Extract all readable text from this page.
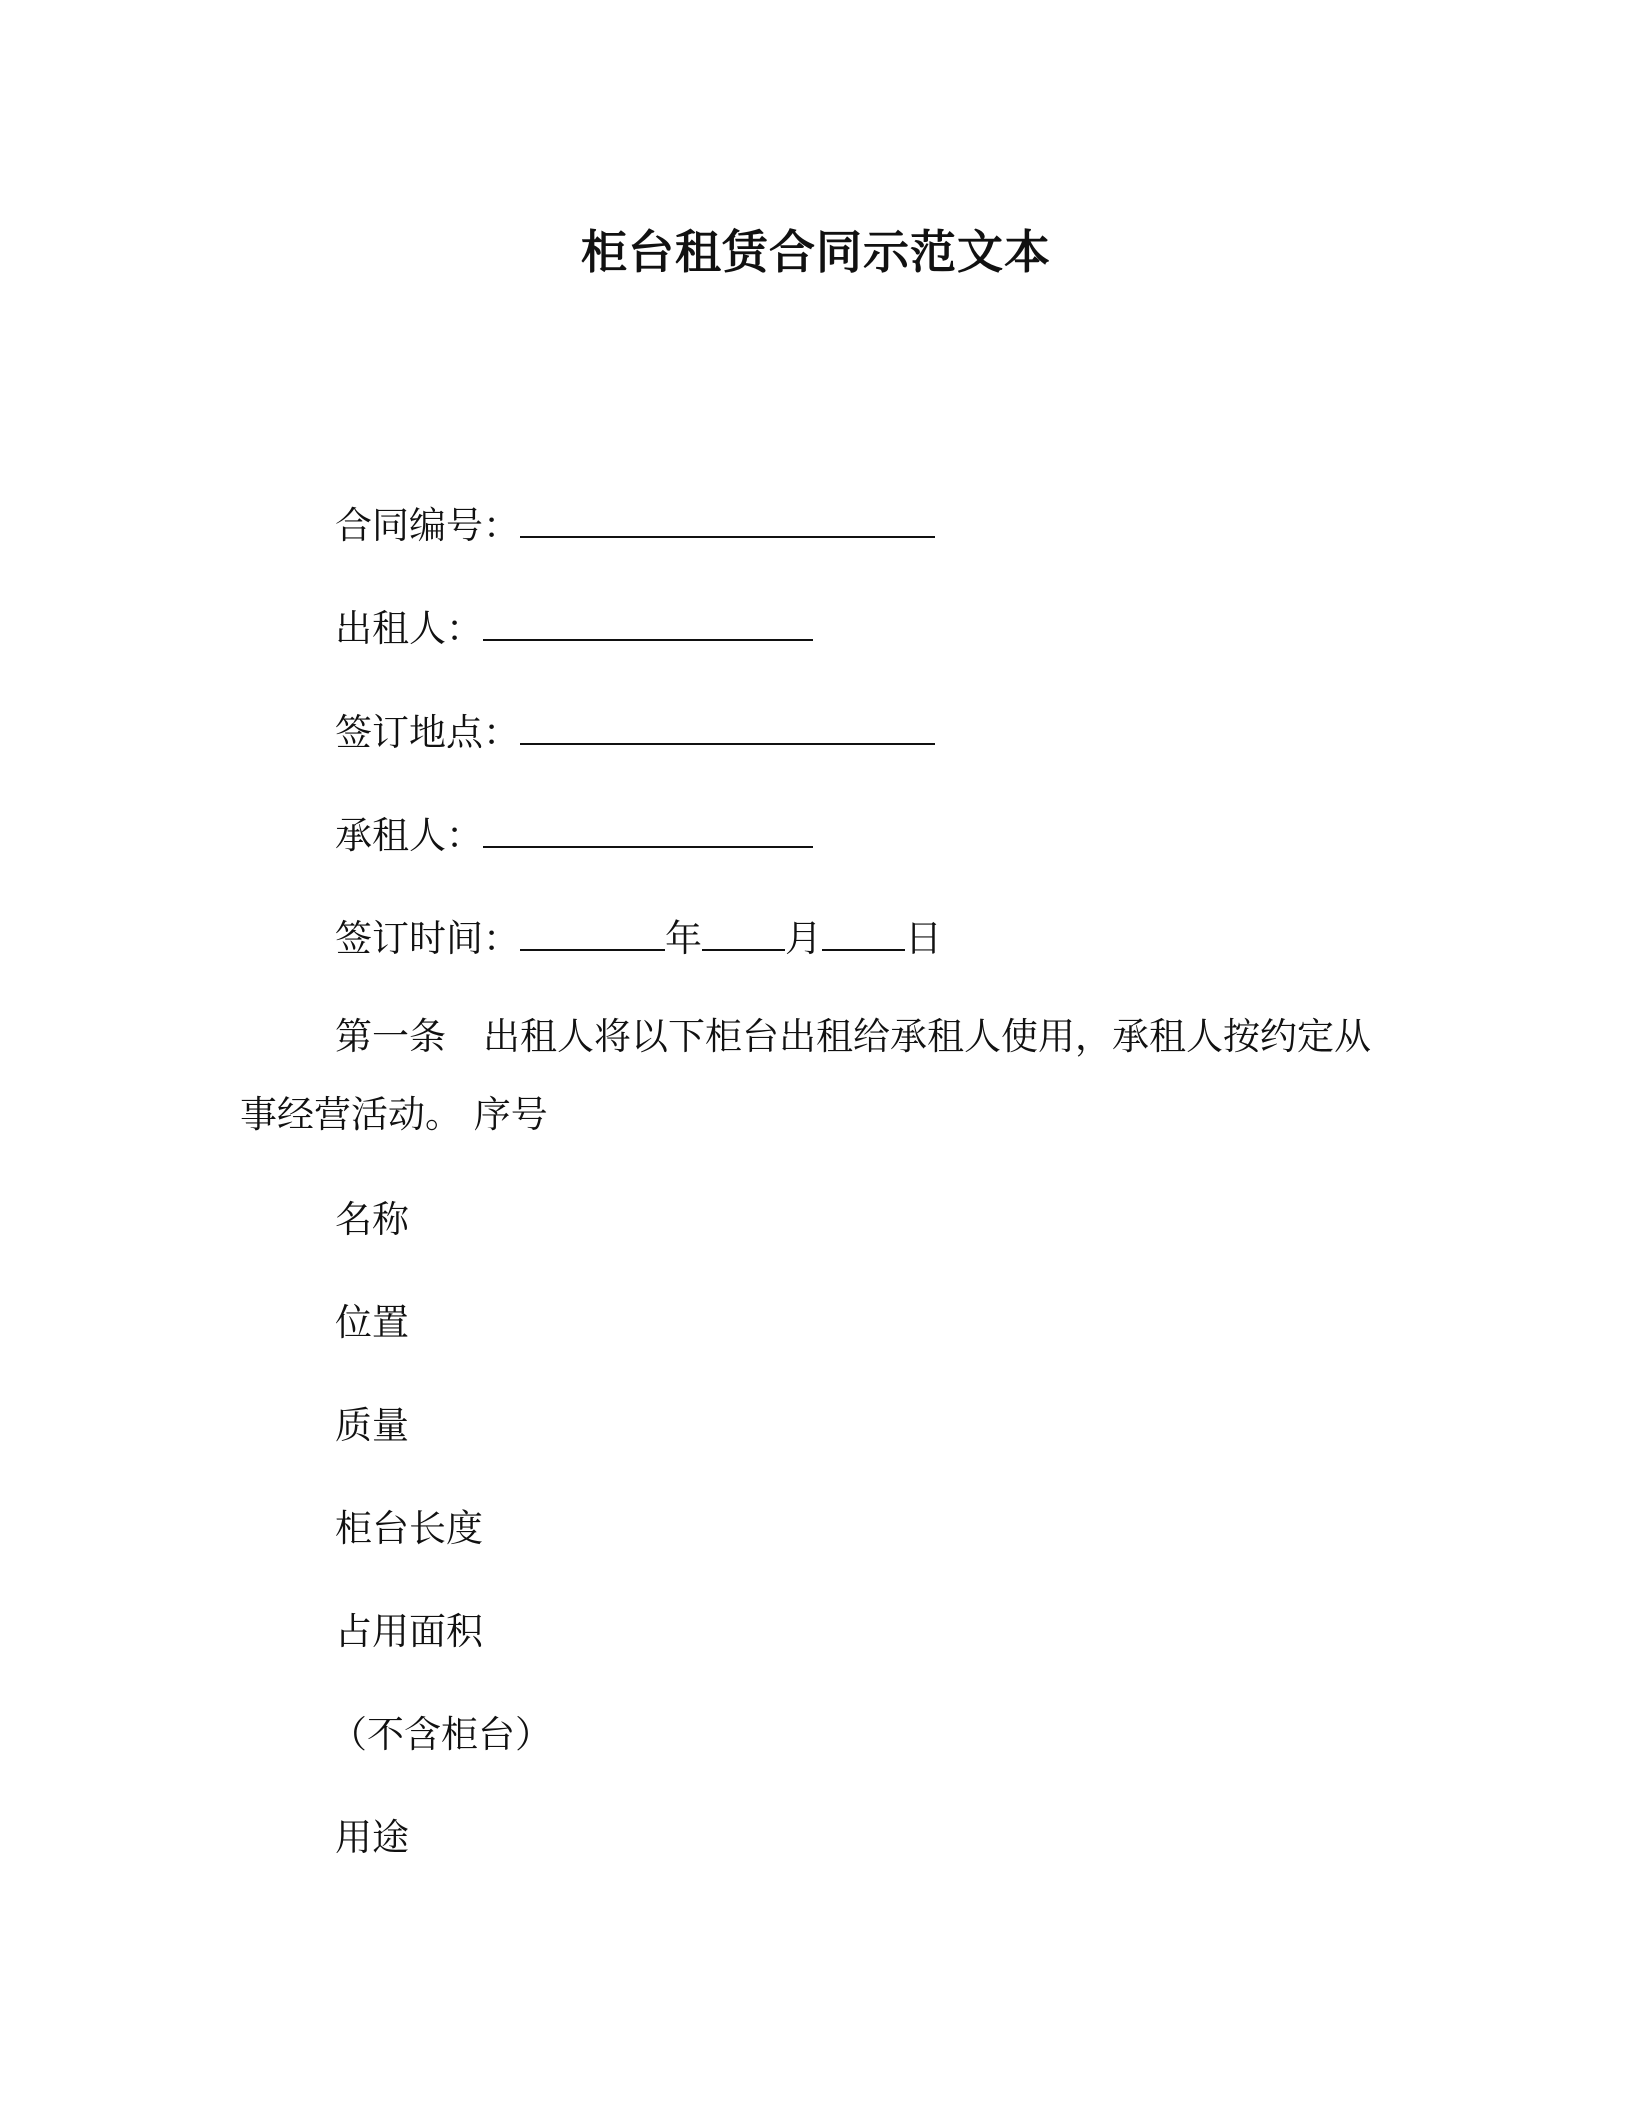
柜台租赁合同示范文本
合同编号：
出租人：
签订地点：
承租人：
签订时间：	年 月 日
第一条　出租人将以下柜台出租给承租人使用，承租人按约定从事经营活动。 序号
名称
位置
质量
柜台长度
占用面积
（不含柜台）
用途
